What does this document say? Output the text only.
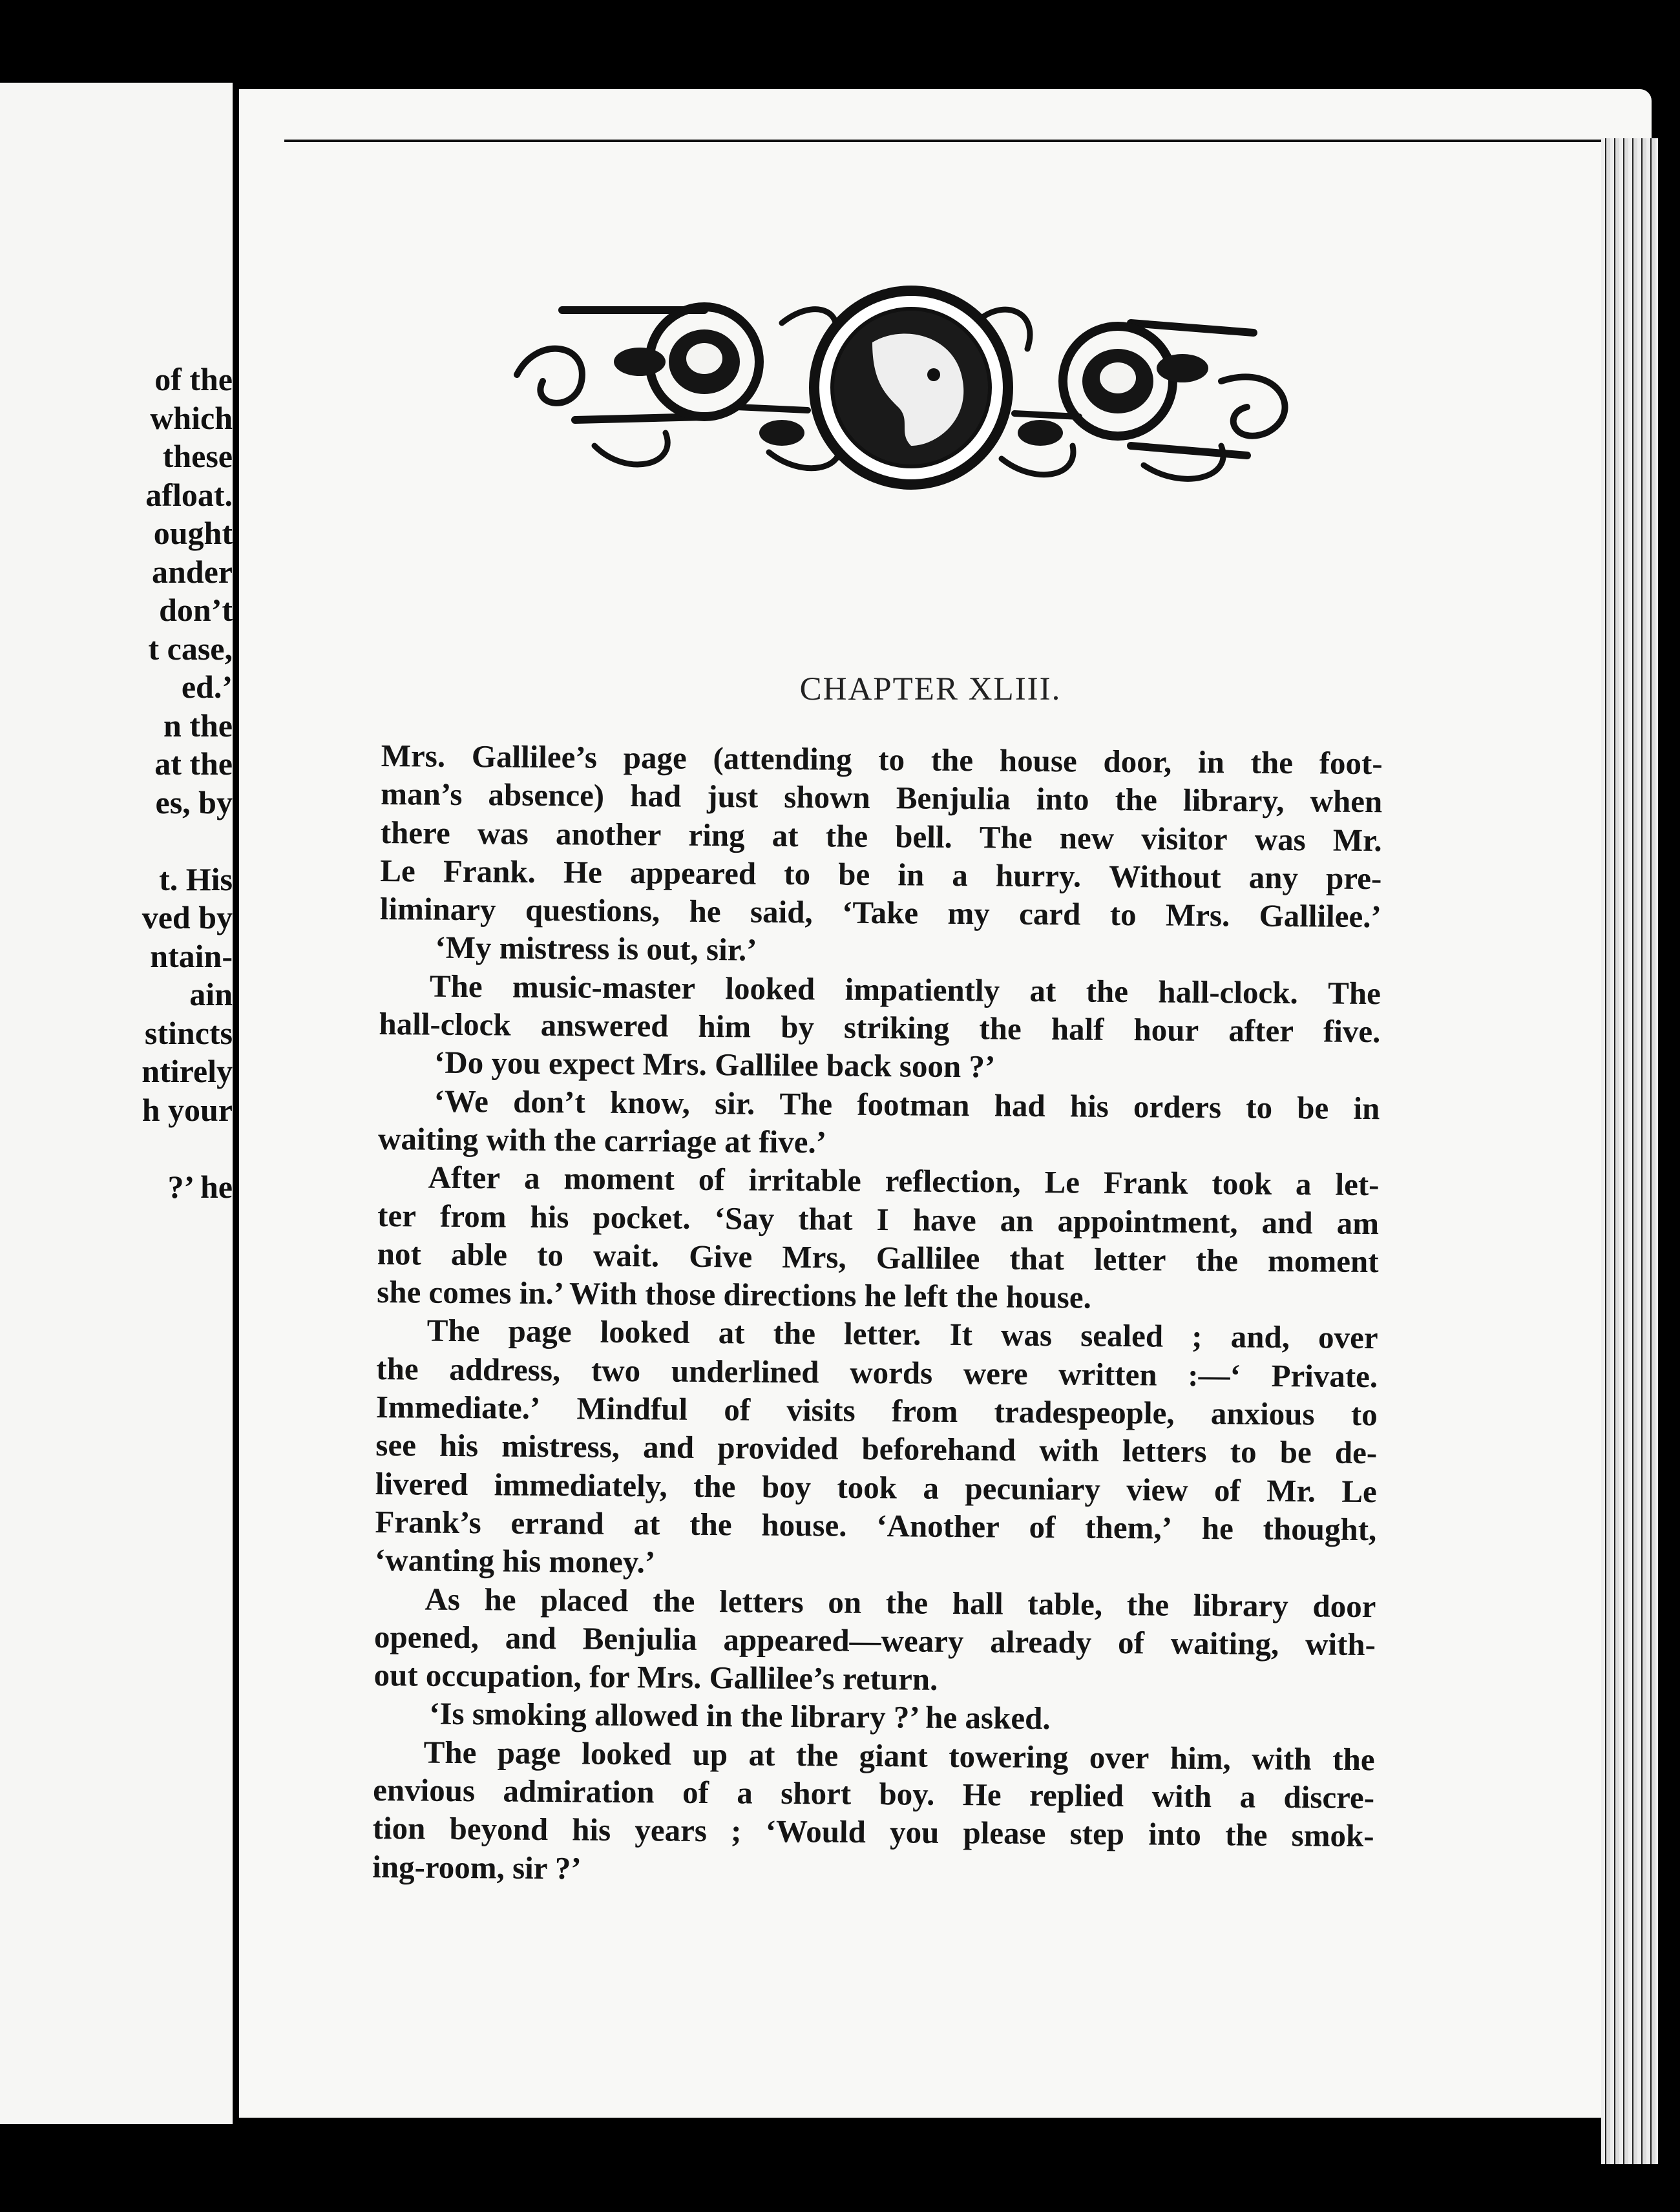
of the
which
these
afloat.
ought
ander
don’t
t case,
ed.’
n the
at the
es, by
t. His
ved by
ntain-
ain
stincts
ntirely
h your
?’ he
CHAPTER XLIII.
Mrs. Gallilee’s page (attending to the house door, in the foot-
man’s absence) had just shown Benjulia into the library, when
there was another ring at the bell. The new visitor was Mr.
Le Frank. He appeared to be in a hurry. Without any pre-
liminary questions, he said, ‘Take my card to Mrs. Gallilee.’
‘My mistress is out, sir.’
The music-master looked impatiently at the hall-clock. The
hall-clock answered him by striking the half hour after five.
‘Do you expect Mrs. Gallilee back soon ?’
‘We don’t know, sir. The footman had his orders to be in
waiting with the carriage at five.’
After a moment of irritable reflection, Le Frank took a let-
ter from his pocket. ‘Say that I have an appointment, and am
not able to wait. Give Mrs, Gallilee that letter the moment
she comes in.’ With those directions he left the house.
The page looked at the letter. It was sealed ; and, over
the address, two underlined words were written :—‘ Private.
Immediate.’ Mindful of visits from tradespeople, anxious to
see his mistress, and provided beforehand with letters to be de-
livered immediately, the boy took a pecuniary view of Mr. Le
Frank’s errand at the house. ‘Another of them,’ he thought,
‘wanting his money.’
As he placed the letters on the hall table, the library door
opened, and Benjulia appeared—weary already of waiting, with-
out occupation, for Mrs. Gallilee’s return.
‘Is smoking allowed in the library ?’ he asked.
The page looked up at the giant towering over him, with the
envious admiration of a short boy. He replied with a discre-
tion beyond his years ; ‘Would you please step into the smok-
ing-room, sir ?’
